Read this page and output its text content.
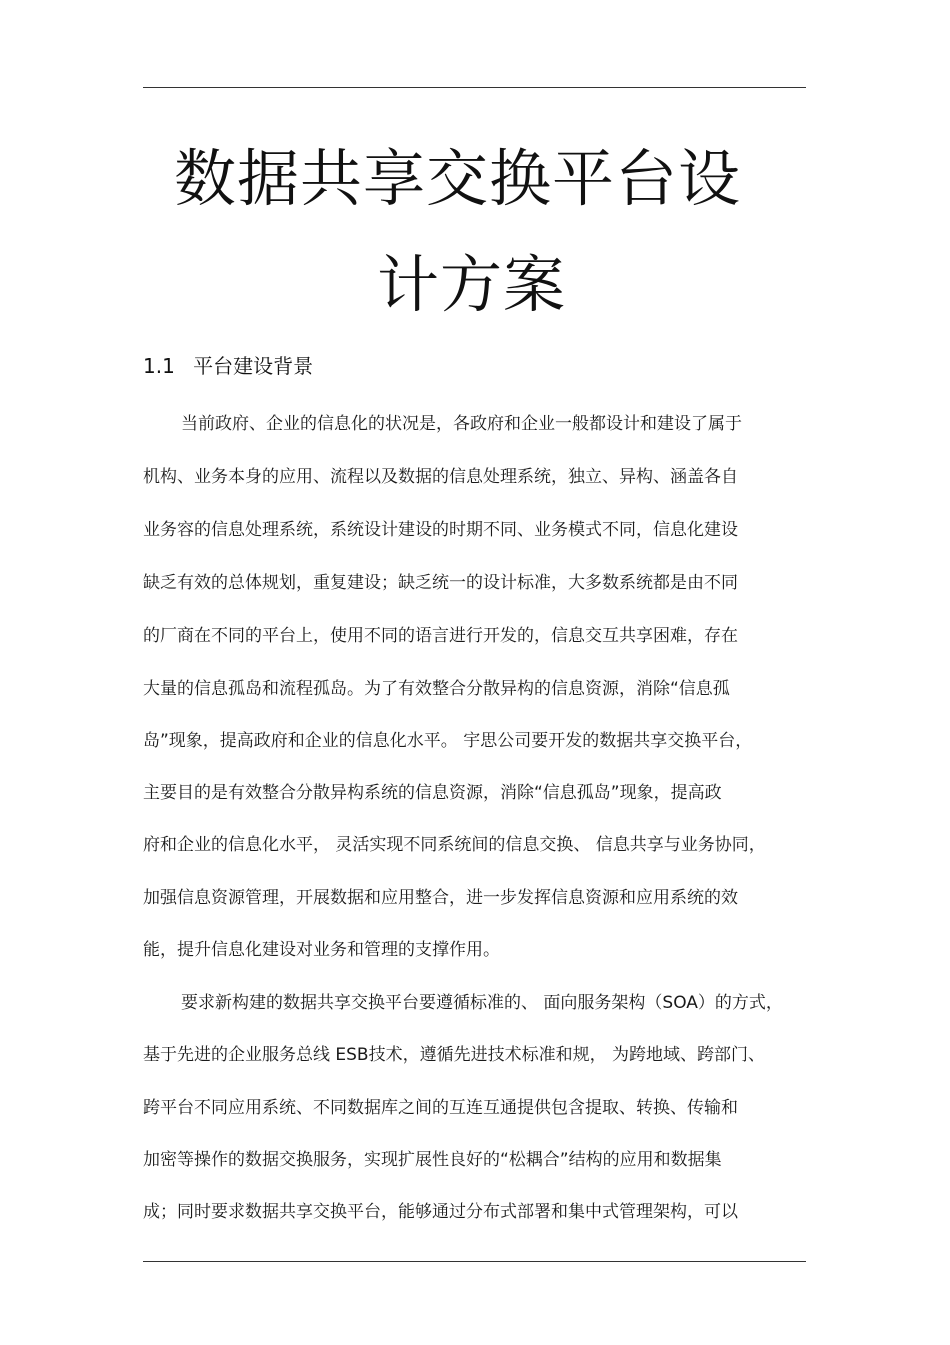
数据共享交换平台设
计方案
1.1 平台建设背景
当前政府、企业的信息化的状况是，各政府和企业一般都设计和建设了属于
机构、业务本身的应用、流程以及数据的信息处理系统，独立、异构、涵盖各自
业务容的信息处理系统，系统设计建设的时期不同、业务模式不同，信息化建设
缺乏有效的总体规划，重复建设；缺乏统一的设计标准，大多数系统都是由不同
的厂商在不同的平台上，使用不同的语言进行开发的，信息交互共享困难，存在
大量的信息孤岛和流程孤岛。为了有效整合分散异构的信息资源，消除“信息孤
岛”现象，提高政府和企业的信息化水平。 宇思公司要开发的数据共享交换平台，
主要目的是有效整合分散异构系统的信息资源，消除“信息孤岛”现象，提高政
府和企业的信息化水平， 灵活实现不同系统间的信息交换、 信息共享与业务协同，
加强信息资源管理，开展数据和应用整合，进一步发挥信息资源和应用系统的效
能，提升信息化建设对业务和管理的支撑作用。
要求新构建的数据共享交换平台要遵循标准的、 面向服务架构（SOA）的方式，
基于先进的企业服务总线 ESB技术，遵循先进技术标准和规， 为跨地域、跨部门、
跨平台不同应用系统、不同数据库之间的互连互通提供包含提取、转换、传输和
加密等操作的数据交换服务，实现扩展性良好的“松耦合”结构的应用和数据集
成；同时要求数据共享交换平台，能够通过分布式部署和集中式管理架构，可以
